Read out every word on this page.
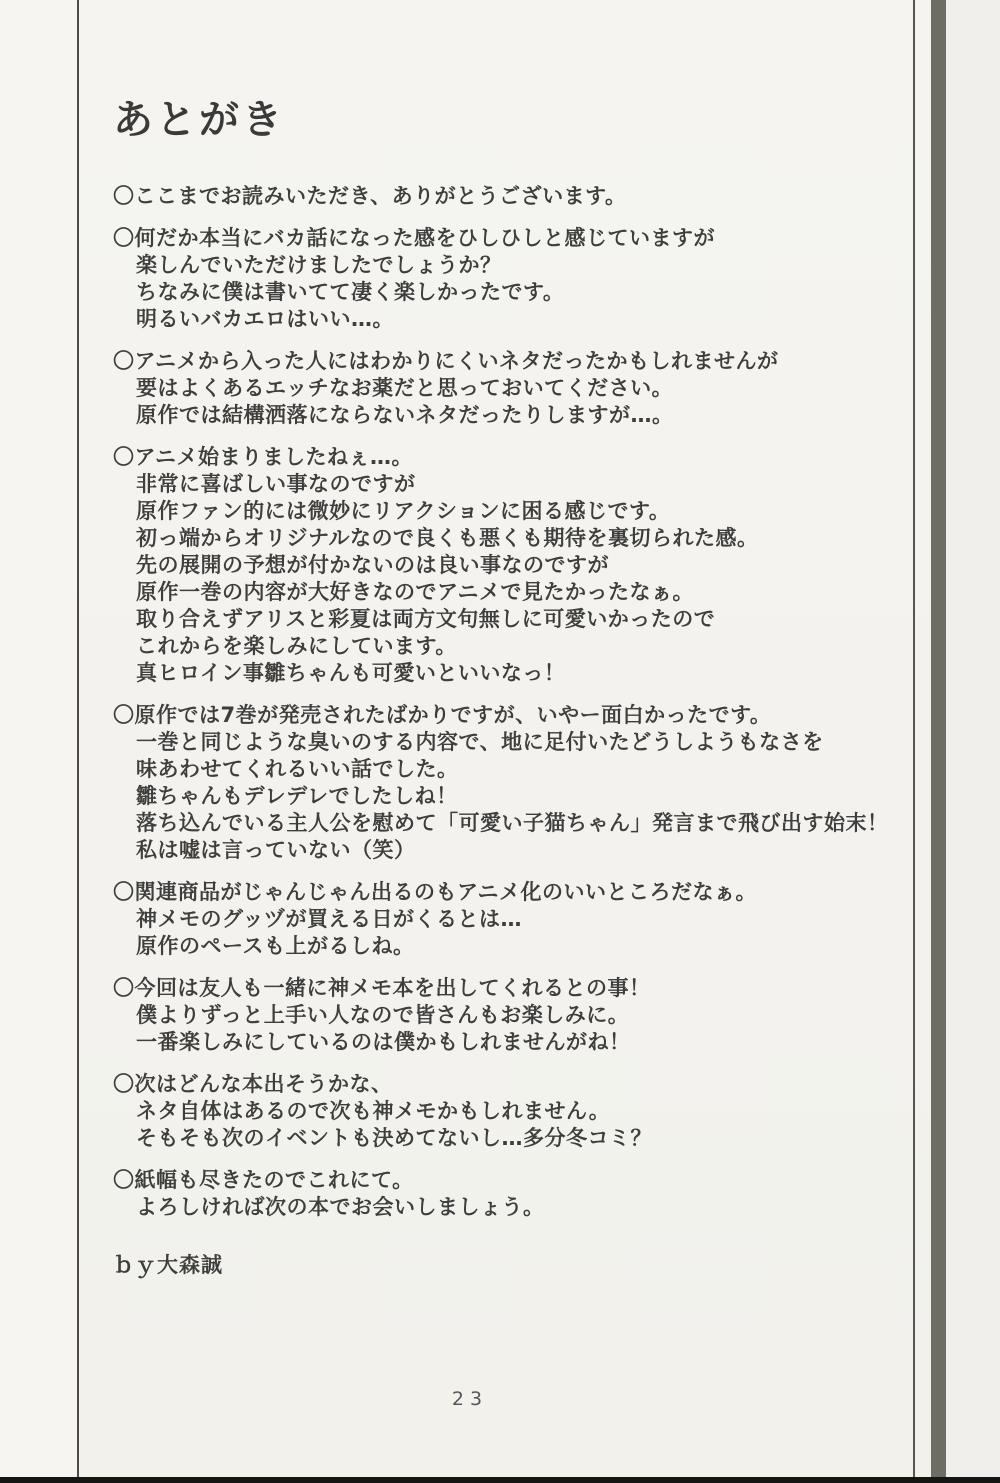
あとがき
〇ここまでお読みいただき、ありがとうございます。
〇何だか本当にバカ話になった感をひしひしと感じていますが
楽しんでいただけましたでしょうか？
ちなみに僕は書いてて凄く楽しかったです。
明るいバカエロはいい…。
〇アニメから入った人にはわかりにくいネタだったかもしれませんが
要はよくあるエッチなお薬だと思っておいてください。
原作では結構洒落にならないネタだったりしますが…。
〇アニメ始まりましたねぇ…。
非常に喜ばしい事なのですが
原作ファン的には微妙にリアクションに困る感じです。
初っ端からオリジナルなので良くも悪くも期待を裏切られた感。
先の展開の予想が付かないのは良い事なのですが
原作一巻の内容が大好きなのでアニメで見たかったなぁ。
取り合えずアリスと彩夏は両方文句無しに可愛いかったので
これからを楽しみにしています。
真ヒロイン事雛ちゃんも可愛いといいなっ！
〇原作では7巻が発売されたばかりですが、いやー面白かったです。
一巻と同じような臭いのする内容で、地に足付いたどうしようもなさを
味あわせてくれるいい話でした。
雛ちゃんもデレデレでしたしね！
落ち込んでいる主人公を慰めて「可愛い子猫ちゃん」発言まで飛び出す始末！
私は嘘は言っていない（笑）
〇関連商品がじゃんじゃん出るのもアニメ化のいいところだなぁ。
神メモのグッヅが買える日がくるとは…
原作のペースも上がるしね。
〇今回は友人も一緒に神メモ本を出してくれるとの事！
僕よりずっと上手い人なので皆さんもお楽しみに。
一番楽しみにしているのは僕かもしれませんがね！
〇次はどんな本出そうかな、
ネタ自体はあるので次も神メモかもしれません。
そもそも次のイベントも決めてないし…多分冬コミ？
〇紙幅も尽きたのでこれにて。
よろしければ次の本でお会いしましょう。
ｂｙ大森誠
23
